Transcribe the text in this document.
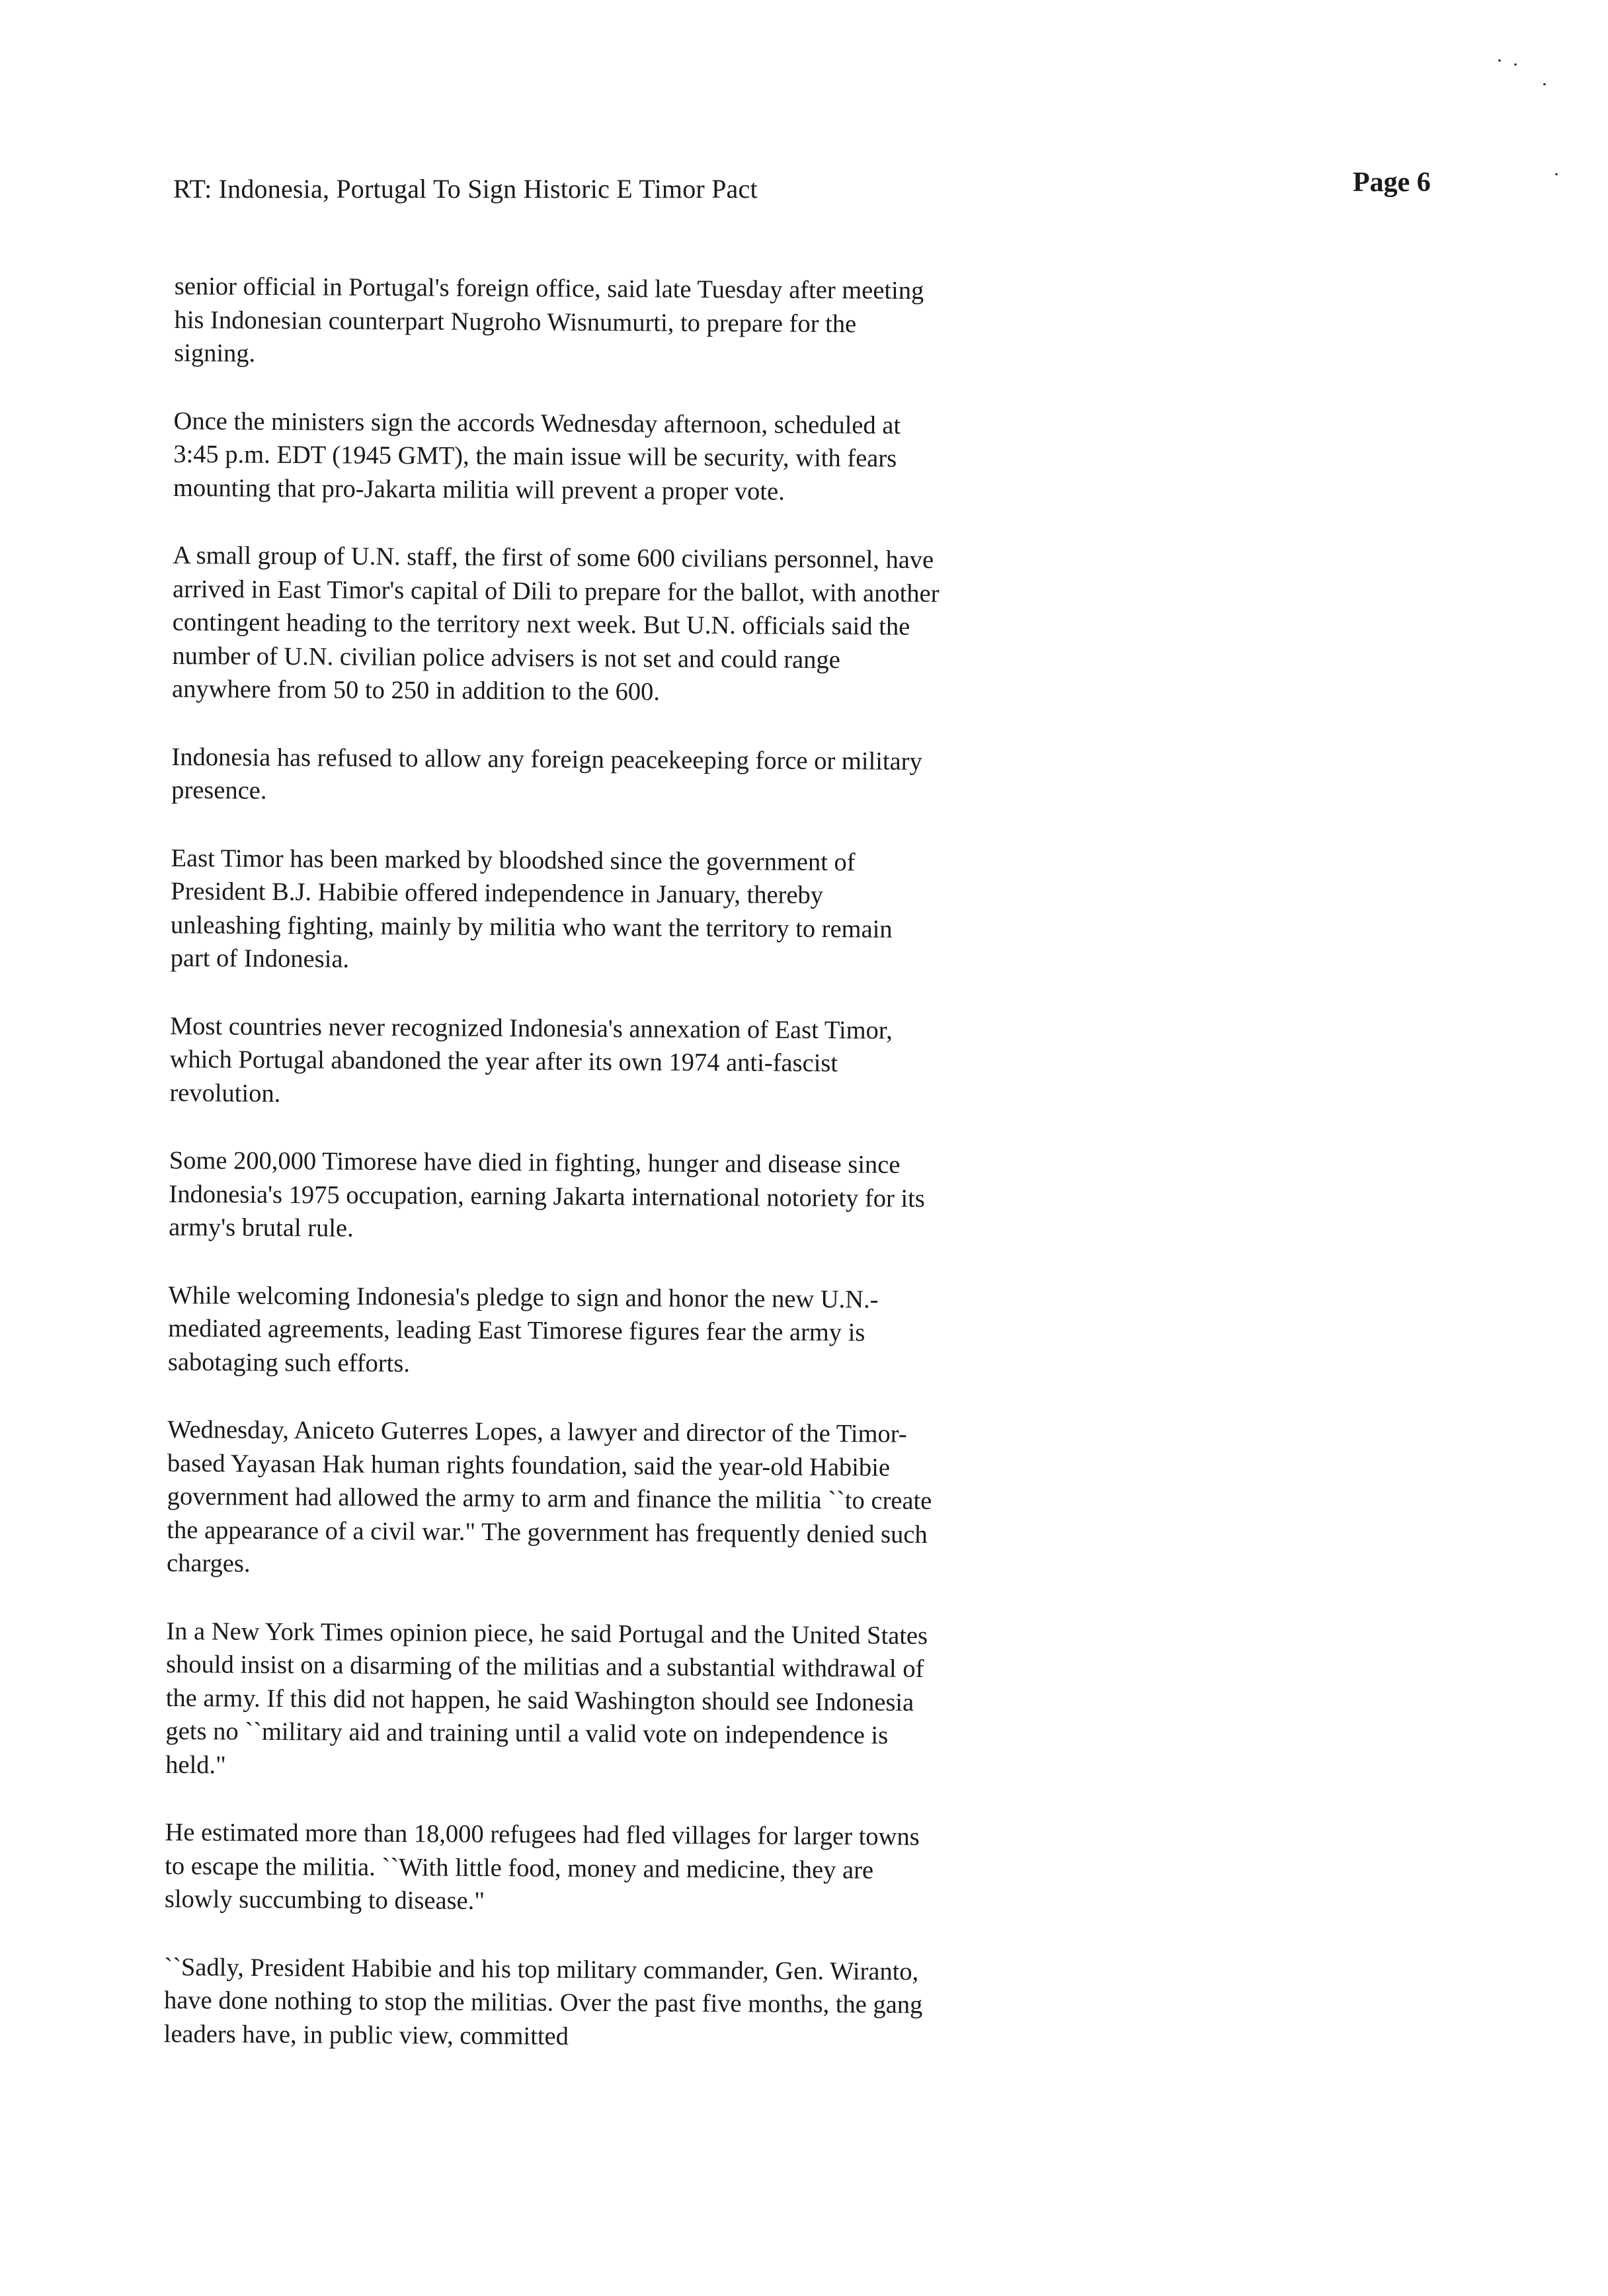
RT: Indonesia, Portugal To Sign Historic E Timor Pact	Page 6

senior official in Portugal's foreign office, said late Tuesday after meeting his Indonesian counterpart Nugroho Wisnumurti, to prepare for the signing.

Once the ministers sign the accords Wednesday afternoon, scheduled at 3:45 p.m. EDT (1945 GMT), the main issue will be security, with fears mounting that pro-Jakarta militia will prevent a proper vote.

A small group of U.N. staff, the first of some 600 civilians personnel, have arrived in East Timor's capital of Dili to prepare for the ballot, with another contingent heading to the territory next week. But U.N. officials said the number of U.N. civilian police advisers is not set and could range anywhere from 50 to 250 in addition to the 600.

Indonesia has refused to allow any foreign peacekeeping force or military presence.

East Timor has been marked by bloodshed since the government of President B.J. Habibie offered independence in January, thereby unleashing fighting, mainly by militia who want the territory to remain part of Indonesia.

Most countries never recognized Indonesia's annexation of East Timor, which Portugal abandoned the year after its own 1974 anti-fascist revolution.

Some 200,000 Timorese have died in fighting, hunger and disease since Indonesia's 1975 occupation, earning Jakarta international notoriety for its army's brutal rule.

While welcoming Indonesia's pledge to sign and honor the new U.N.-mediated agreements, leading East Timorese figures fear the army is sabotaging such efforts.

Wednesday, Aniceto Guterres Lopes, a lawyer and director of the Timor-based Yayasan Hak human rights foundation, said the year-old Habibie government had allowed the army to arm and finance the militia ``to create the appearance of a civil war." The government has frequently denied such charges.

In a New York Times opinion piece, he said Portugal and the United States should insist on a disarming of the militias and a substantial withdrawal of the army. If this did not happen, he said Washington should see Indonesia gets no ``military aid and training until a valid vote on independence is held."

He estimated more than 18,000 refugees had fled villages for larger towns to escape the militia. ``With little food, money and medicine, they are slowly succumbing to disease."

``Sadly, President Habibie and his top military commander, Gen. Wiranto, have done nothing to stop the militias. Over the past five months, the gang leaders have, in public view, committed
